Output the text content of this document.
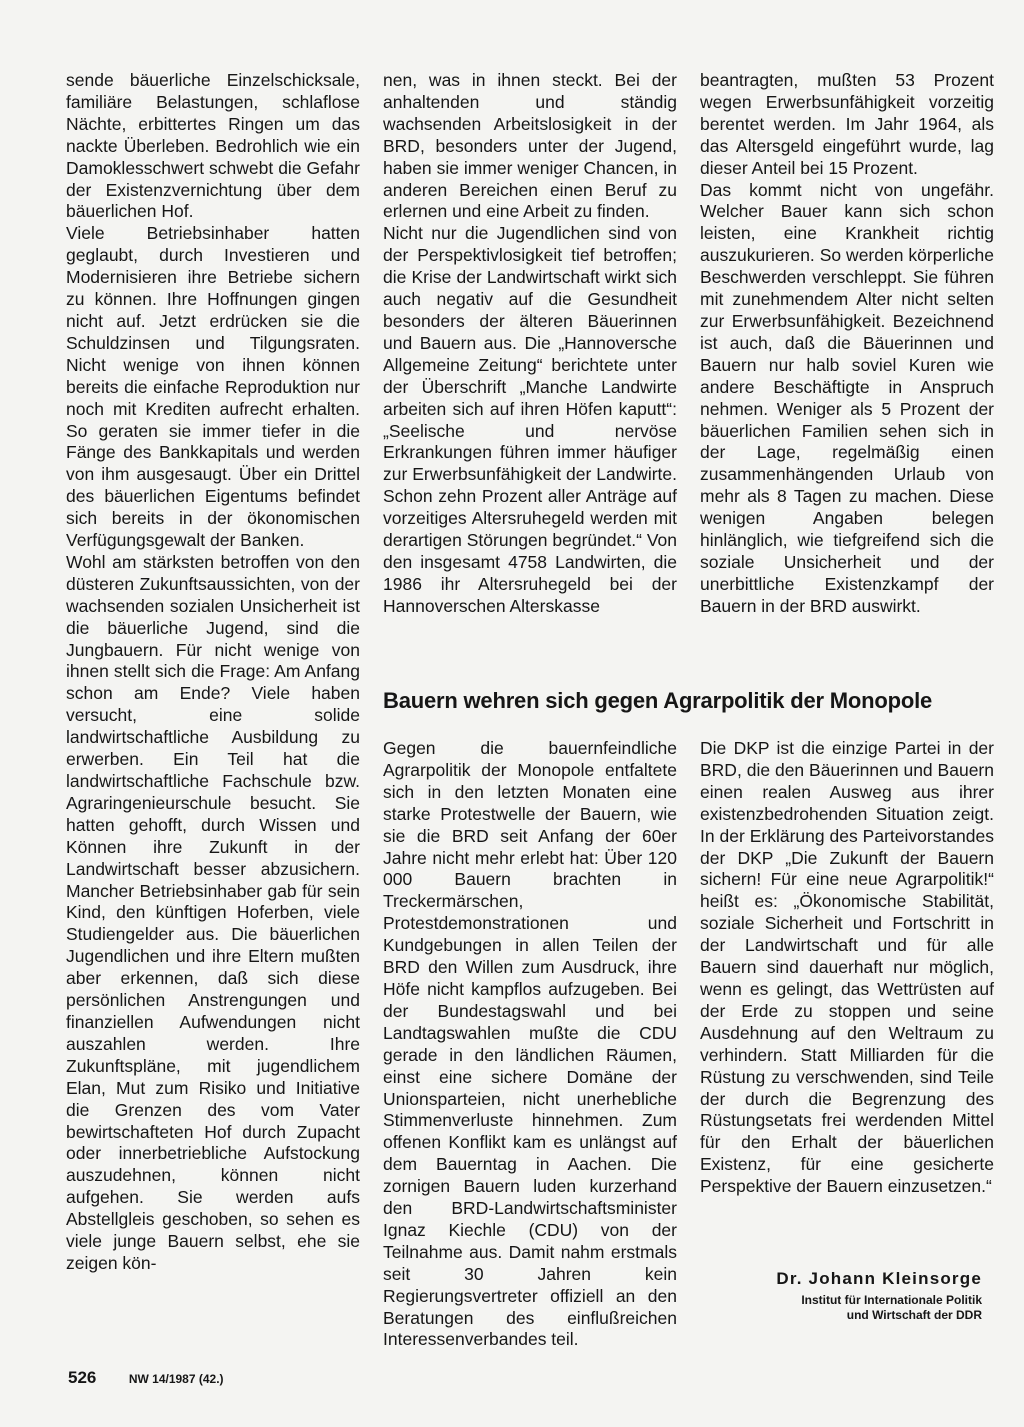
sende bäuerliche Einzelschicksale, familiäre Belastungen, schlaflose Nächte, erbittertes Ringen um das nackte Überleben. Bedrohlich wie ein Damoklesschwert schwebt die Gefahr der Existenzvernichtung über dem bäuerlichen Hof.

Viele Betriebsinhaber hatten geglaubt, durch Investieren und Modernisieren ihre Betriebe sichern zu können. Ihre Hoffnungen gingen nicht auf. Jetzt erdrücken sie die Schuldzinsen und Tilgungsraten. Nicht wenige von ihnen können bereits die einfache Reproduktion nur noch mit Krediten aufrecht erhalten. So geraten sie immer tiefer in die Fänge des Bankkapitals und werden von ihm ausgesaugt. Über ein Drittel des bäuerlichen Eigentums befindet sich bereits in der ökonomischen Verfügungsgewalt der Banken.

Wohl am stärksten betroffen von den düsteren Zukunftsaussichten, von der wachsenden sozialen Unsicherheit ist die bäuerliche Jugend, sind die Jungbauern. Für nicht wenige von ihnen stellt sich die Frage: Am Anfang schon am Ende? Viele haben versucht, eine solide landwirtschaftliche Ausbildung zu erwerben. Ein Teil hat die landwirtschaftliche Fachschule bzw. Agraringenieurschule besucht. Sie hatten gehofft, durch Wissen und Können ihre Zukunft in der Landwirtschaft besser abzusichern. Mancher Betriebsinhaber gab für sein Kind, den künftigen Hoferben, viele Studiengelder aus. Die bäuerlichen Jugendlichen und ihre Eltern mußten aber erkennen, daß sich diese persönlichen Anstrengungen und finanziellen Aufwendungen nicht auszahlen werden. Ihre Zukunftspläne, mit jugendlichem Elan, Mut zum Risiko und Initiative die Grenzen des vom Vater bewirtschafteten Hof durch Zupacht oder innerbetriebliche Aufstockung auszudehnen, können nicht aufgehen. Sie werden aufs Abstellgleis geschoben, so sehen es viele junge Bauern selbst, ehe sie zeigen kön-

nen, was in ihnen steckt. Bei der anhaltenden und ständig wachsenden Arbeitslosigkeit in der BRD, besonders unter der Jugend, haben sie immer weniger Chancen, in anderen Bereichen einen Beruf zu erlernen und eine Arbeit zu finden.

Nicht nur die Jugendlichen sind von der Perspektivlosigkeit tief betroffen; die Krise der Landwirtschaft wirkt sich auch negativ auf die Gesundheit besonders der älteren Bäuerinnen und Bauern aus. Die „Hannoversche Allgemeine Zeitung“ berichtete unter der Überschrift „Manche Landwirte arbeiten sich auf ihren Höfen kaputt“: „Seelische und nervöse Erkrankungen führen immer häufiger zur Erwerbsunfähigkeit der Landwirte. Schon zehn Prozent aller Anträge auf vorzeitiges Altersruhegeld werden mit derartigen Störungen begründet.“ Von den insgesamt 4758 Landwirten, die 1986 ihr Altersruhegeld bei der Hannoverschen Alterskasse

beantragten, mußten 53 Prozent wegen Erwerbsunfähigkeit vorzeitig berentet werden. Im Jahr 1964, als das Altersgeld eingeführt wurde, lag dieser Anteil bei 15 Prozent.

Das kommt nicht von ungefähr. Welcher Bauer kann sich schon leisten, eine Krankheit richtig auszukurieren. So werden körperliche Beschwerden verschleppt. Sie führen mit zunehmendem Alter nicht selten zur Erwerbsunfähigkeit. Bezeichnend ist auch, daß die Bäuerinnen und Bauern nur halb soviel Kuren wie andere Beschäftigte in Anspruch nehmen. Weniger als 5 Prozent der bäuerlichen Familien sehen sich in der Lage, regelmäßig einen zusammenhängenden Urlaub von mehr als 8 Tagen zu machen. Diese wenigen Angaben belegen hinlänglich, wie tiefgreifend sich die soziale Unsicherheit und der unerbittliche Existenzkampf der Bauern in der BRD auswirkt.

Bauern wehren sich gegen Agrarpolitik der Monopole
Gegen die bauernfeindliche Agrarpolitik der Monopole entfaltete sich in den letzten Monaten eine starke Protestwelle der Bauern, wie sie die BRD seit Anfang der 60er Jahre nicht mehr erlebt hat: Über 120 000 Bauern brachten in Treckermärschen, Protestdemonstrationen und Kundgebungen in allen Teilen der BRD den Willen zum Ausdruck, ihre Höfe nicht kampflos aufzugeben. Bei der Bundestagswahl und bei Landtagswahlen mußte die CDU gerade in den ländlichen Räumen, einst eine sichere Domäne der Unionsparteien, nicht unerhebliche Stimmenverluste hinnehmen. Zum offenen Konflikt kam es unlängst auf dem Bauerntag in Aachen. Die zornigen Bauern luden kurzerhand den BRD-Landwirtschaftsminister Ignaz Kiechle (CDU) von der Teilnahme aus. Damit nahm erstmals seit 30 Jahren kein Regierungsvertreter offiziell an den Beratungen des einflußreichen Interessenverbandes teil.
Die DKP ist die einzige Partei in der BRD, die den Bäuerinnen und Bauern einen realen Ausweg aus ihrer existenzbedrohenden Situation zeigt. In der Erklärung des Parteivorstandes der DKP „Die Zukunft der Bauern sichern! Für eine neue Agrarpolitik!“ heißt es: „Ökonomische Stabilität, soziale Sicherheit und Fortschritt in der Landwirtschaft und für alle Bauern sind dauerhaft nur möglich, wenn es gelingt, das Wettrüsten auf der Erde zu stoppen und seine Ausdehnung auf den Weltraum zu verhindern. Statt Milliarden für die Rüstung zu verschwenden, sind Teile der durch die Begrenzung des Rüstungsetats frei werdenden Mittel für den Erhalt der bäuerlichen Existenz, für eine gesicherte Perspektive der Bauern einzusetzen.“
Dr. Johann Kleinsorge
Institut für Internationale Politik
und Wirtschaft der DDR
526	NW 14/1987 (42.)
